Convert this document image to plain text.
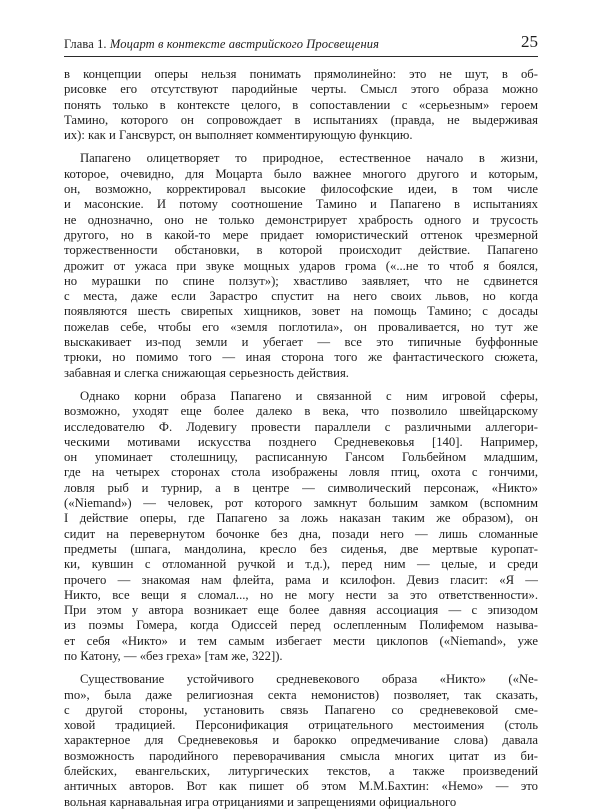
Глава 1. Моцарт в контексте австрийского Просвещения	25
в концепции оперы нельзя понимать прямолинейно: это не шут, в об-
рисовке его отсутствуют пародийные черты. Смысл этого образа можно
понять только в контексте целого, в сопоставлении с «серьезным» героем
Тамино, которого он сопровождает в испытаниях (правда, не выдерживая
их): как и Гансвурст, он выполняет комментирующую функцию.
Папагено олицетворяет то природное, естественное начало в жизни,
которое, очевидно, для Моцарта было важнее многого другого и которым,
он, возможно, корректировал высокие философские идеи, в том числе
и масонские. И потому соотношение Тамино и Папагено в испытаниях
не однозначно, оно не только демонстрирует храбрость одного и трусость
другого, но в какой-то мере придает юмористический оттенок чрезмерной
торжественности обстановки, в которой происходит действие. Папагено
дрожит от ужаса при звуке мощных ударов грома («...не то чтоб я боялся,
но мурашки по спине ползут»); хвастливо заявляет, что не сдвинется
с места, даже если Зарастро спустит на него своих львов, но когда
появляются шесть свирепых хищников, зовет на помощь Тамино; с досады
пожелав себе, чтобы его «земля поглотила», он проваливается, но тут же
выскакивает из-под земли и убегает — все это типичные буффонные
трюки, но помимо того — иная сторона того же фантастического сюжета,
забавная и слегка снижающая серьезность действия.
Однако корни образа Папагено и связанной с ним игровой сферы,
возможно, уходят еще более далеко в века, что позволило швейцарскому
исследователю Ф. Лодевигу провести параллели с различными аллегори-
ческими мотивами искусства позднего Средневековья [140]. Например,
он упоминает столешницу, расписанную Гансом Гольбейном младшим,
где на четырех сторонах стола изображены ловля птиц, охота с гончими,
ловля рыб и турнир, а в центре — символический персонаж, «Никто»
(«Niemand») — человек, рот которого замкнут большим замком (вспомним
I действие оперы, где Папагено за ложь наказан таким же образом), он
сидит на перевернутом бочонке без дна, позади него — лишь сломанные
предметы (шпага, мандолина, кресло без сиденья, две мертвые куропат-
ки, кувшин с отломанной ручкой и т.д.), перед ним — целые, и среди
прочего — знакомая нам флейта, рама и ксилофон. Девиз гласит: «Я —
Никто, все вещи я сломал..., но не могу нести за это ответственности».
При этом у автора возникает еще более давняя ассоциация — с эпизодом
из поэмы Гомера, когда Одиссей перед ослепленным Полифемом называ-
ет себя «Никто» и тем самым избегает мести циклопов («Niemand», уже
по Катону, — «без греха» [там же, 322]).
Существование устойчивого средневекового образа «Никто» («Ne-
mo», была даже религиозная секта немонистов) позволяет, так сказать,
с другой стороны, установить связь Папагено со средневековой сме-
ховой традицией. Персонификация отрицательного местоимения (столь
характерное для Средневековья и барокко опредмечивание слова) давала
возможность пародийного переворачивания смысла многих цитат из би-
блейских, евангельских, литургических текстов, а также произведений
античных авторов. Вот как пишет об этом М.М.Бахтин: «Немо» — это
вольная карнавальная игра отрицаниями и запрещениями официального
